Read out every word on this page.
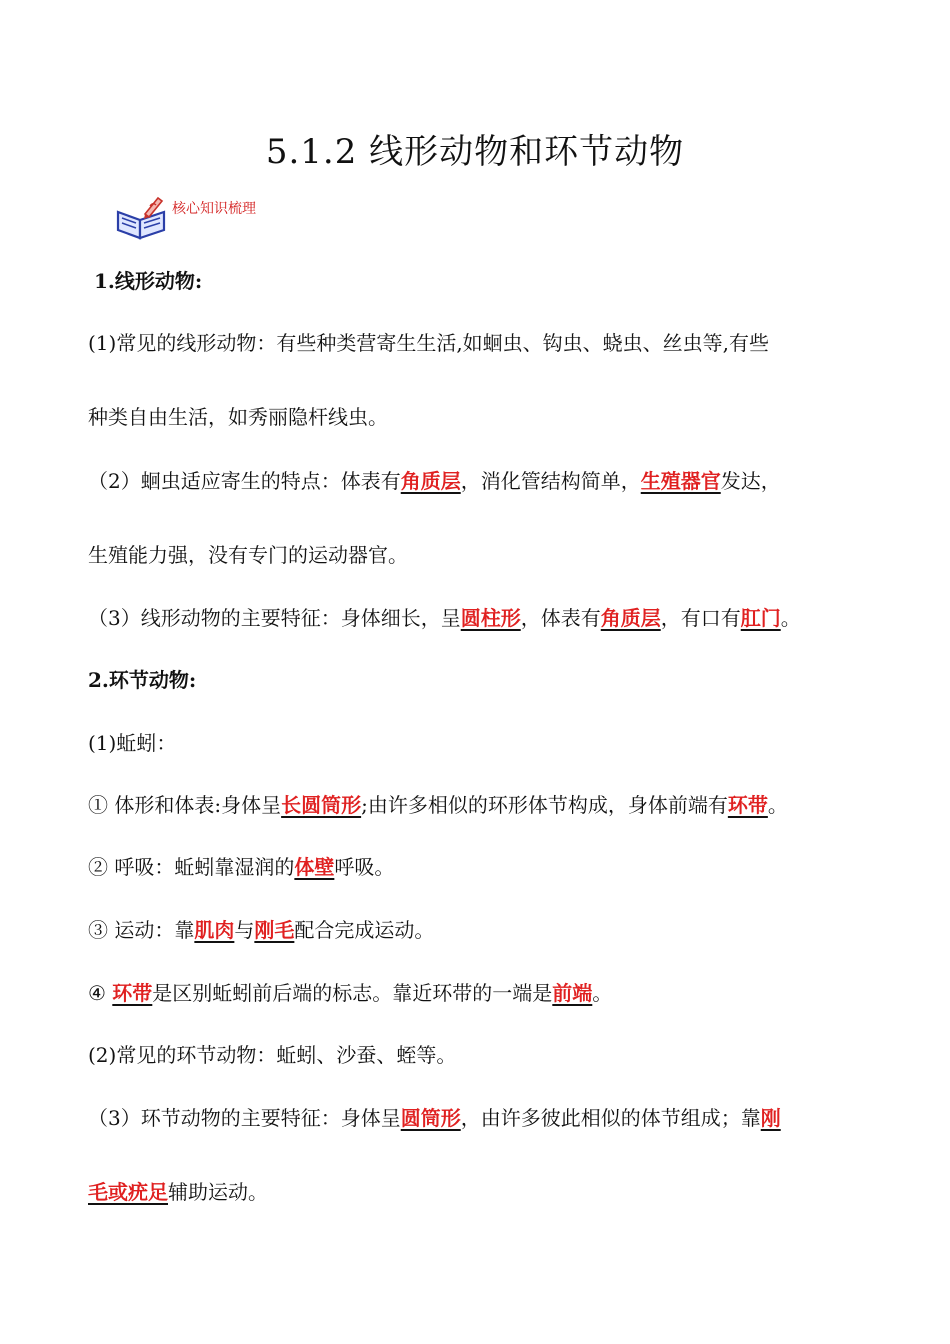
5.1.2 线形动物和环节动物
核心知识梳理
1.线形动物:
(1)常见的线形动物：有些种类营寄生生活,如蛔虫、钩虫、蛲虫、丝虫等,有些
种类自由生活，如秀丽隐杆线虫。
（2）蛔虫适应寄生的特点：体表有角质层，消化管结构简单，生殖器官发达，
生殖能力强，没有专门的运动器官。
（3）线形动物的主要特征：身体细长，呈圆柱形，体表有角质层，有口有肛门。
2.环节动物:
(1)蚯蚓：
① 体形和体表:身体呈长圆筒形;由许多相似的环形体节构成，身体前端有环带。
② 呼吸：蚯蚓靠湿润的体壁呼吸。
③ 运动：靠肌肉与刚毛配合完成运动。
④ 环带是区别蚯蚓前后端的标志。靠近环带的一端是前端。
(2)常见的环节动物：蚯蚓、沙蚕、蛭等。
（3）环节动物的主要特征：身体呈圆筒形，由许多彼此相似的体节组成；靠刚
毛或疣足辅助运动。
